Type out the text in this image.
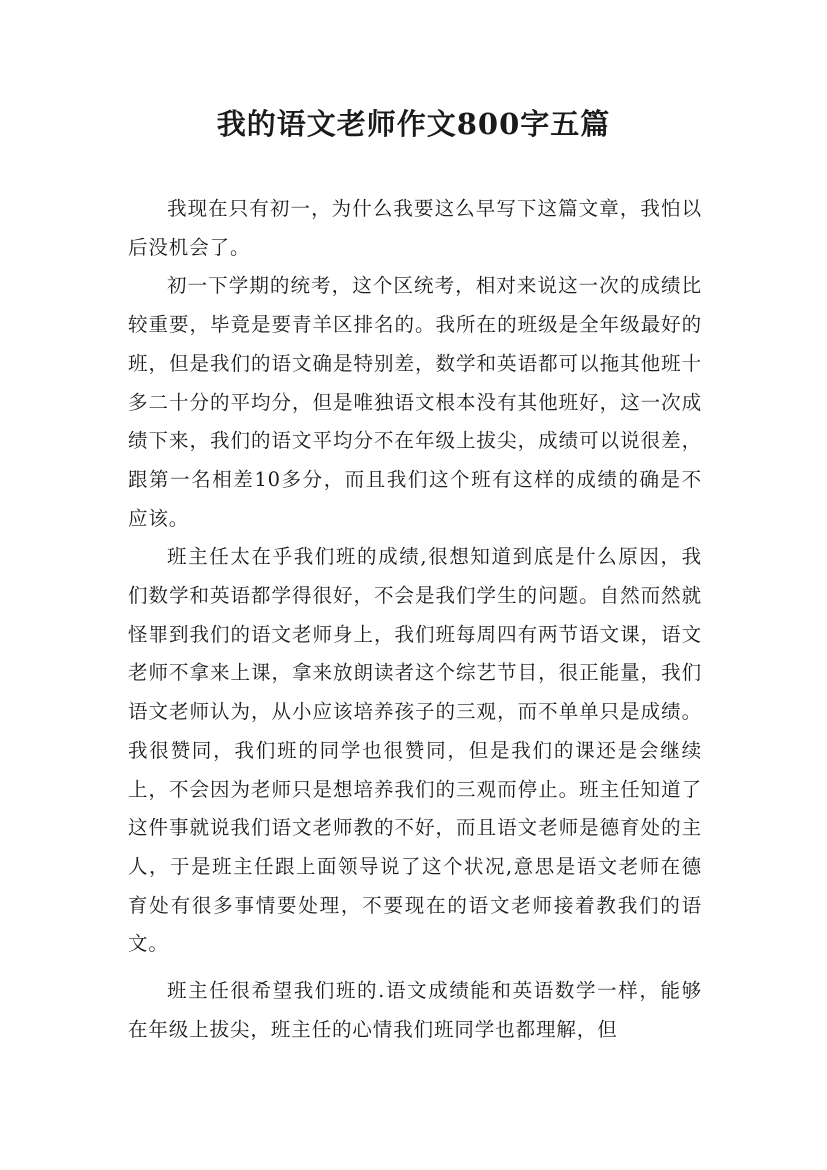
我的语文老师作文800字五篇

我现在只有初一，为什么我要这么早写下这篇文章，我怕以后没机会了。

初一下学期的统考，这个区统考，相对来说这一次的成绩比较重要，毕竟是要青羊区排名的。我所在的班级是全年级最好的班，但是我们的语文确是特别差，数学和英语都可以拖其他班十多二十分的平均分，但是唯独语文根本没有其他班好，这一次成绩下来，我们的语文平均分不在年级上拔尖，成绩可以说很差，跟第一名相差10多分，而且我们这个班有这样的成绩的确是不应该。

班主任太在乎我们班的成绩,很想知道到底是什么原因，我们数学和英语都学得很好，不会是我们学生的问题。自然而然就怪罪到我们的语文老师身上，我们班每周四有两节语文课，语文老师不拿来上课，拿来放朗读者这个综艺节目，很正能量，我们语文老师认为，从小应该培养孩子的三观，而不单单只是成绩。我很赞同，我们班的同学也很赞同，但是我们的课还是会继续上，不会因为老师只是想培养我们的三观而停止。班主任知道了这件事就说我们语文老师教的不好，而且语文老师是德育处的主人，于是班主任跟上面领导说了这个状况,意思是语文老师在德育处有很多事情要处理，不要现在的语文老师接着教我们的语文。

班主任很希望我们班的.语文成绩能和英语数学一样，能够在年级上拔尖，班主任的心情我们班同学也都理解，但
